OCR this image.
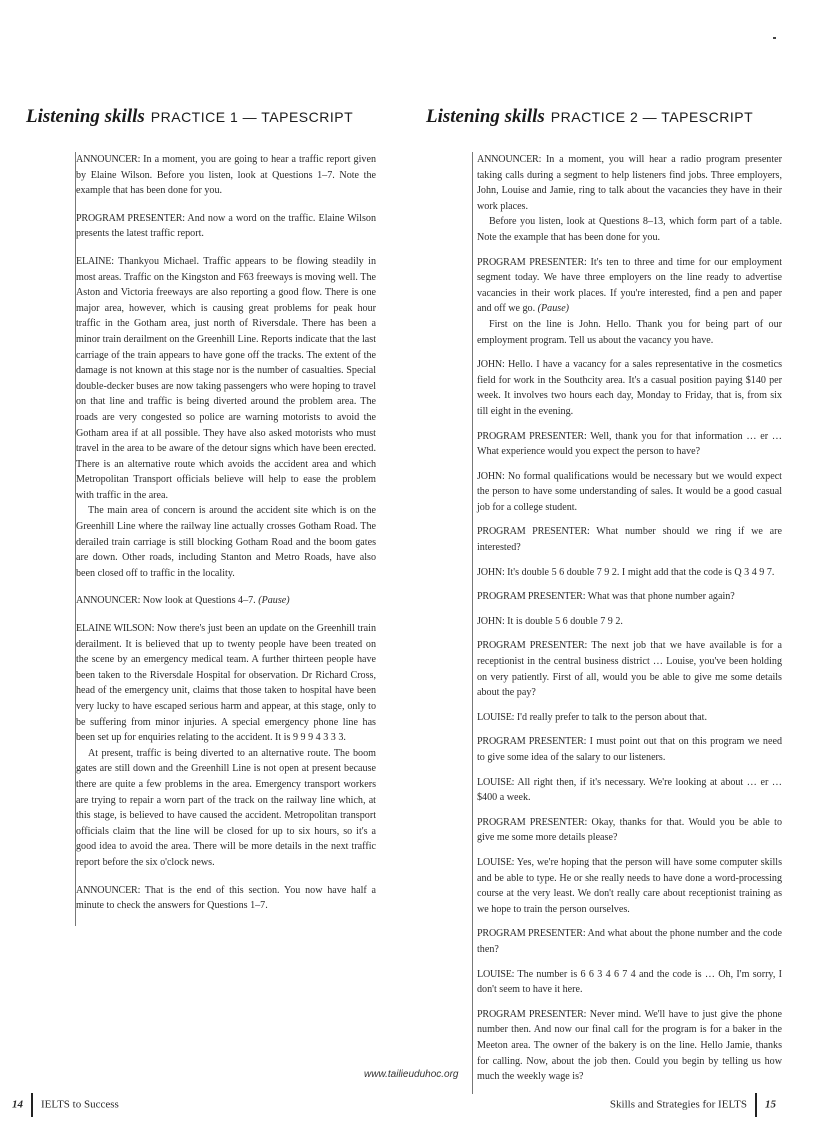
Listening skills PRACTICE 1 — TAPESCRIPT	Listening skills PRACTICE 2 — TAPESCRIPT

ANNOUNCER: In a moment, you are going to hear a traffic report given by Elaine Wilson. Before you listen, look at Questions 1–7. Note the example that has been done for you.

PROGRAM PRESENTER: And now a word on the traffic. Elaine Wilson presents the latest traffic report.

ELAINE: Thankyou Michael. Traffic appears to be flowing steadily in most areas. Traffic on the Kingston and F63 freeways is moving well. The Aston and Victoria freeways are also reporting a good flow. There is one major area, however, which is causing great problems for peak hour traffic in the Gotham area, just north of Riversdale. There has been a minor train derailment on the Greenhill Line. Reports indicate that the last carriage of the train appears to have gone off the tracks. The extent of the damage is not known at this stage nor is the number of casualties. Special double-decker buses are now taking passengers who were hoping to travel on that line and traffic is being diverted around the problem area. The roads are very congested so police are warning motorists to avoid the Gotham area if at all possible. They have also asked motorists who must travel in the area to be aware of the detour signs which have been erected. There is an alternative route which avoids the accident area and which Metropolitan Transport officials believe will help to ease the problem with traffic in the area.

The main area of concern is around the accident site which is on the Greenhill Line where the railway line actually crosses Gotham Road. The derailed train carriage is still blocking Gotham Road and the boom gates are down. Other roads, including Stanton and Metro Roads, have also been closed off to traffic in the locality.

ANNOUNCER: Now look at Questions 4–7. (Pause)

ELAINE WILSON: Now there's just been an update on the Greenhill train derailment. It is believed that up to twenty people have been treated on the scene by an emergency medical team. A further thirteen people have been taken to the Riversdale Hospital for observation. Dr Richard Cross, head of the emergency unit, claims that those taken to hospital have been very lucky to have escaped serious harm and appear, at this stage, only to be suffering from minor injuries. A special emergency phone line has been set up for enquiries relating to the accident. It is 9 9 9 4 3 3 3.

At present, traffic is being diverted to an alternative route. The boom gates are still down and the Greenhill Line is not open at present because there are quite a few problems in the area. Emergency transport workers are trying to repair a worn part of the track on the railway line which, at this stage, is believed to have caused the accident. Metropolitan transport officials claim that the line will be closed for up to six hours, so it's a good idea to avoid the area. There will be more details in the next traffic report before the six o'clock news.

ANNOUNCER: That is the end of this section. You now have half a minute to check the answers for Questions 1–7.

ANNOUNCER: In a moment, you will hear a radio program presenter taking calls during a segment to help listeners find jobs. Three employers, John, Louise and Jamie, ring to talk about the vacancies they have in their work places.
Before you listen, look at Questions 8–13, which form part of a table. Note the example that has been done for you.

PROGRAM PRESENTER: It's ten to three and time for our employment segment today. We have three employers on the line ready to advertise vacancies in their work places. If you're interested, find a pen and paper and off we go. (Pause)
First on the line is John. Hello. Thank you for being part of our employment program. Tell us about the vacancy you have.

JOHN: Hello. I have a vacancy for a sales representative in the cosmetics field for work in the Southcity area. It's a casual position paying $140 per week. It involves two hours each day, Monday to Friday, that is, from six till eight in the evening.

PROGRAM PRESENTER: Well, thank you for that information … er … What experience would you expect the person to have?

JOHN: No formal qualifications would be necessary but we would expect the person to have some understanding of sales. It would be a good casual job for a college student.

PROGRAM PRESENTER: What number should we ring if we are interested?

JOHN: It's double 5 6 double 7 9 2. I might add that the code is Q 3 4 9 7.

PROGRAM PRESENTER: What was that phone number again?

JOHN: It is double 5 6 double 7 9 2.

PROGRAM PRESENTER: The next job that we have available is for a receptionist in the central business district … Louise, you've been holding on very patiently. First of all, would you be able to give me some details about the pay?

LOUISE: I'd really prefer to talk to the person about that.

PROGRAM PRESENTER: I must point out that on this program we need to give some idea of the salary to our listeners.

LOUISE: All right then, if it's necessary. We're looking at about … er … $400 a week.

PROGRAM PRESENTER: Okay, thanks for that. Would you be able to give me some more details please?

LOUISE: Yes, we're hoping that the person will have some computer skills and be able to type. He or she really needs to have done a word-processing course at the very least. We don't really care about receptionist training as we hope to train the person ourselves.

PROGRAM PRESENTER: And what about the phone number and the code then?

LOUISE: The number is 6 6 3 4 6 7 4 and the code is … Oh, I'm sorry, I don't seem to have it here.

PROGRAM PRESENTER: Never mind. We'll have to just give the phone number then. And now our final call for the program is for a baker in the Meeton area. The owner of the bakery is on the line. Hello Jamie, thanks for calling. Now, about the job then. Could you begin by telling us how much the weekly wage is?

www.tailieuduhoc.org
14 IELTS to Success	Skills and Strategies for IELTS 15
